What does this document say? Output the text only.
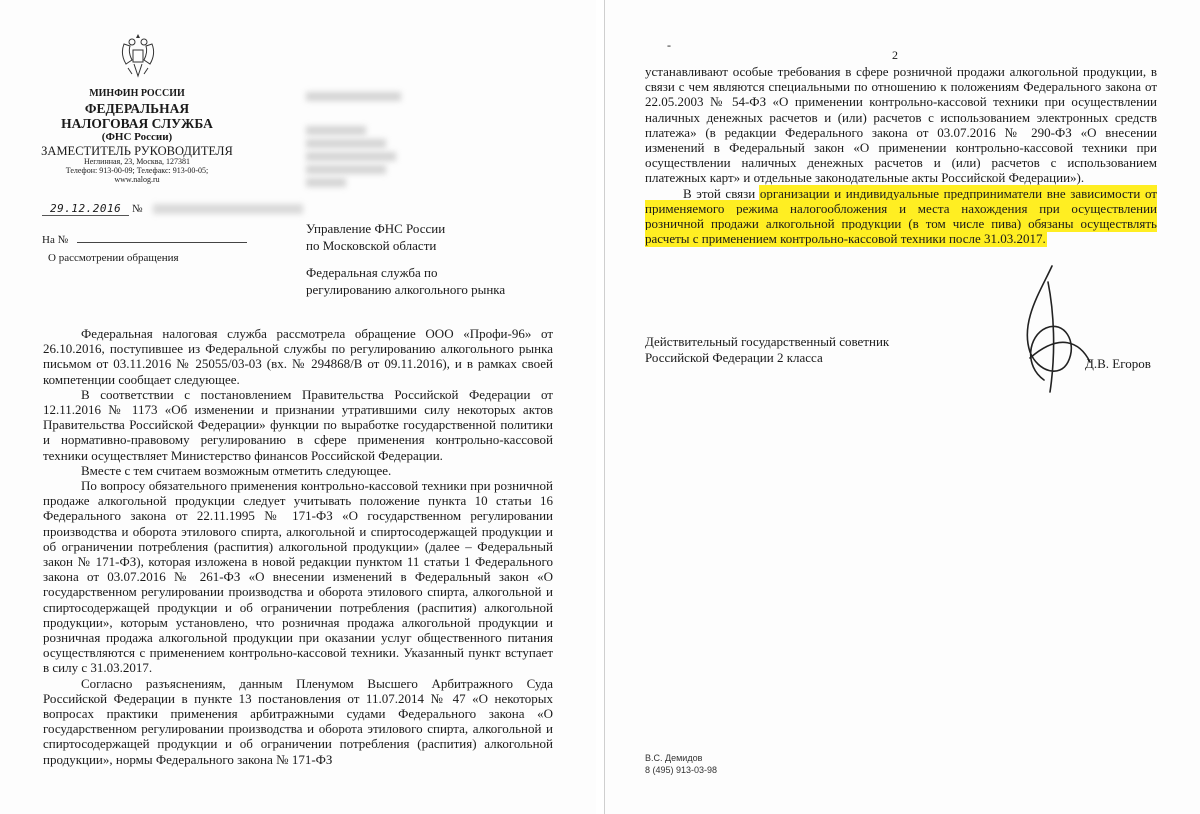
МИНФИН РОССИИ

ФЕДЕРАЛЬНАЯ
НАЛОГОВАЯ СЛУЖБА

(ФНС России)

ЗАМЕСТИТЕЛЬ РУКОВОДИТЕЛЯ

Неглинная, 23, Москва, 127381

Телефон: 913-00-09; Телефакс: 913-00-05;

www.nalog.ru

29.12.2016 №
На №

О рассмотрении обращения

Управление ФНС России
по Московской области

Федеральная служба по
регулированию алкогольного рынка

Федеральная налоговая служба рассмотрела обращение ООО «Профи-96» от 26.10.2016, поступившее из Федеральной службы по регулированию алкогольного рынка письмом от 03.11.2016 № 25055/03-03 (вх. № 294868/В от 09.11.2016), и в рамках своей компетенции сообщает следующее.

В соответствии с постановлением Правительства Российской Федерации от 12.11.2016 № 1173 «Об изменении и признании утратившими силу некоторых актов Правительства Российской Федерации» функции по выработке государственной политики и нормативно-правовому регулированию в сфере применения контрольно-кассовой техники осуществляет Министерство финансов Российской Федерации.

Вместе с тем считаем возможным отметить следующее.

По вопросу обязательного применения контрольно-кассовой техники при розничной продаже алкогольной продукции следует учитывать положение пункта 10 статьи 16 Федерального закона от 22.11.1995 № 171-ФЗ «О государственном регулировании производства и оборота этилового спирта, алкогольной и спиртосодержащей продукции и об ограничении потребления (распития) алкогольной продукции» (далее – Федеральный закон № 171-ФЗ), которая изложена в новой редакции пунктом 11 статьи 1 Федерального закона от 03.07.2016 № 261-ФЗ «О внесении изменений в Федеральный закон «О государственном регулировании производства и оборота этилового спирта, алкогольной и спиртосодержащей продукции и об ограничении потребления (распития) алкогольной продукции», которым установлено, что розничная продажа алкогольной продукции и розничная продажа алкогольной продукции при оказании услуг общественного питания осуществляются с применением контрольно-кассовой техники. Указанный пункт вступает в силу с 31.03.2017.

Согласно разъяснениям, данным Пленумом Высшего Арбитражного Суда Российской Федерации в пункте 13 постановления от 11.07.2014 № 47 «О некоторых вопросах практики применения арбитражными судами Федерального закона «О государственном регулировании производства и оборота этилового спирта, алкогольной и спиртосодержащей продукции и об ограничении потребления (распития) алкогольной продукции», нормы Федерального закона № 171-ФЗ

-
2

устанавливают особые требования в сфере розничной продажи алкогольной продукции, в связи с чем являются специальными по отношению к положениям Федерального закона от 22.05.2003 № 54-ФЗ «О применении контрольно-кассовой техники при осуществлении наличных денежных расчетов и (или) расчетов с использованием электронных средств платежа» (в редакции Федерального закона от 03.07.2016 № 290-ФЗ «О внесении изменений в Федеральный закон «О применении контрольно-кассовой техники при осуществлении наличных денежных расчетов и (или) расчетов с использованием платежных карт» и отдельные законодательные акты Российской Федерации»).

В этой связи организации и индивидуальные предприниматели вне зависимости от применяемого режима налогообложения и места нахождения при осуществлении розничной продажи алкогольной продукции (в том числе пива) обязаны осуществлять расчеты с применением контрольно-кассовой техники после 31.03.2017.

Действительный государственный советник
Российской Федерации 2 класса	Д.В. Егоров

В.С. Демидов
8 (495) 913-03-98
